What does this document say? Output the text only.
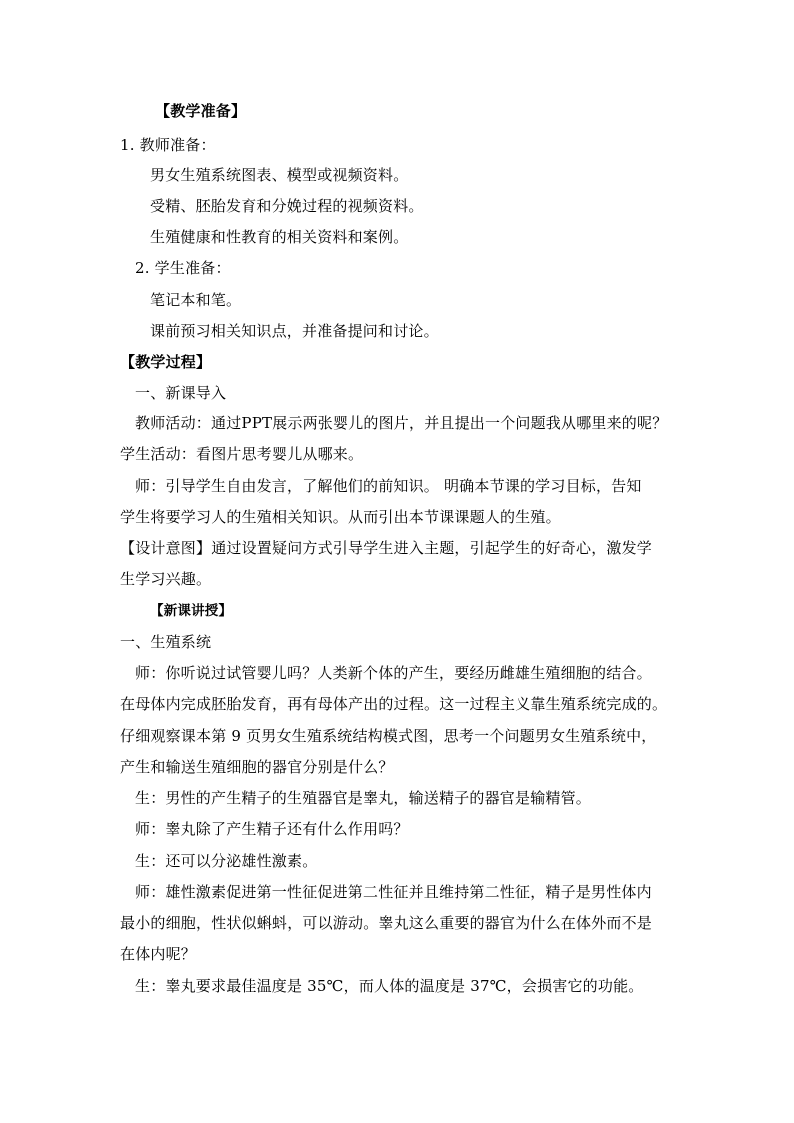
【教学准备】
1. 教师准备：
男女生殖系统图表、模型或视频资料。
受精、胚胎发育和分娩过程的视频资料。
生殖健康和性教育的相关资料和案例。
2. 学生准备：
笔记本和笔。
课前预习相关知识点，并准备提问和讨论。
【教学过程】
一、新课导入
教师活动：通过PPT展示两张婴儿的图片，并且提出一个问题我从哪里来的呢？
学生活动：看图片思考婴儿从哪来。
师：引导学生自由发言，了解他们的前知识。 明确本节课的学习目标，告知
学生将要学习人的生殖相关知识。从而引出本节课课题人的生殖。
【设计意图】通过设置疑问方式引导学生进入主题，引起学生的好奇心，激发学
生学习兴趣。
【新课讲授】
一、生殖系统
师：你听说过试管婴儿吗？人类新个体的产生，要经历雌雄生殖细胞的结合。
在母体内完成胚胎发育，再有母体产出的过程。这一过程主义靠生殖系统完成的。
仔细观察课本第 9 页男女生殖系统结构模式图，思考一个问题男女生殖系统中，
产生和输送生殖细胞的器官分别是什么？
生：男性的产生精子的生殖器官是睾丸，输送精子的器官是输精管。
师：睾丸除了产生精子还有什么作用吗？
生：还可以分泌雄性激素。
师：雄性激素促进第一性征促进第二性征并且维持第二性征，精子是男性体内
最小的细胞，性状似蝌蚪，可以游动。睾丸这么重要的器官为什么在体外而不是
在体内呢？
生：睾丸要求最佳温度是 35℃，而人体的温度是 37℃，会损害它的功能。
